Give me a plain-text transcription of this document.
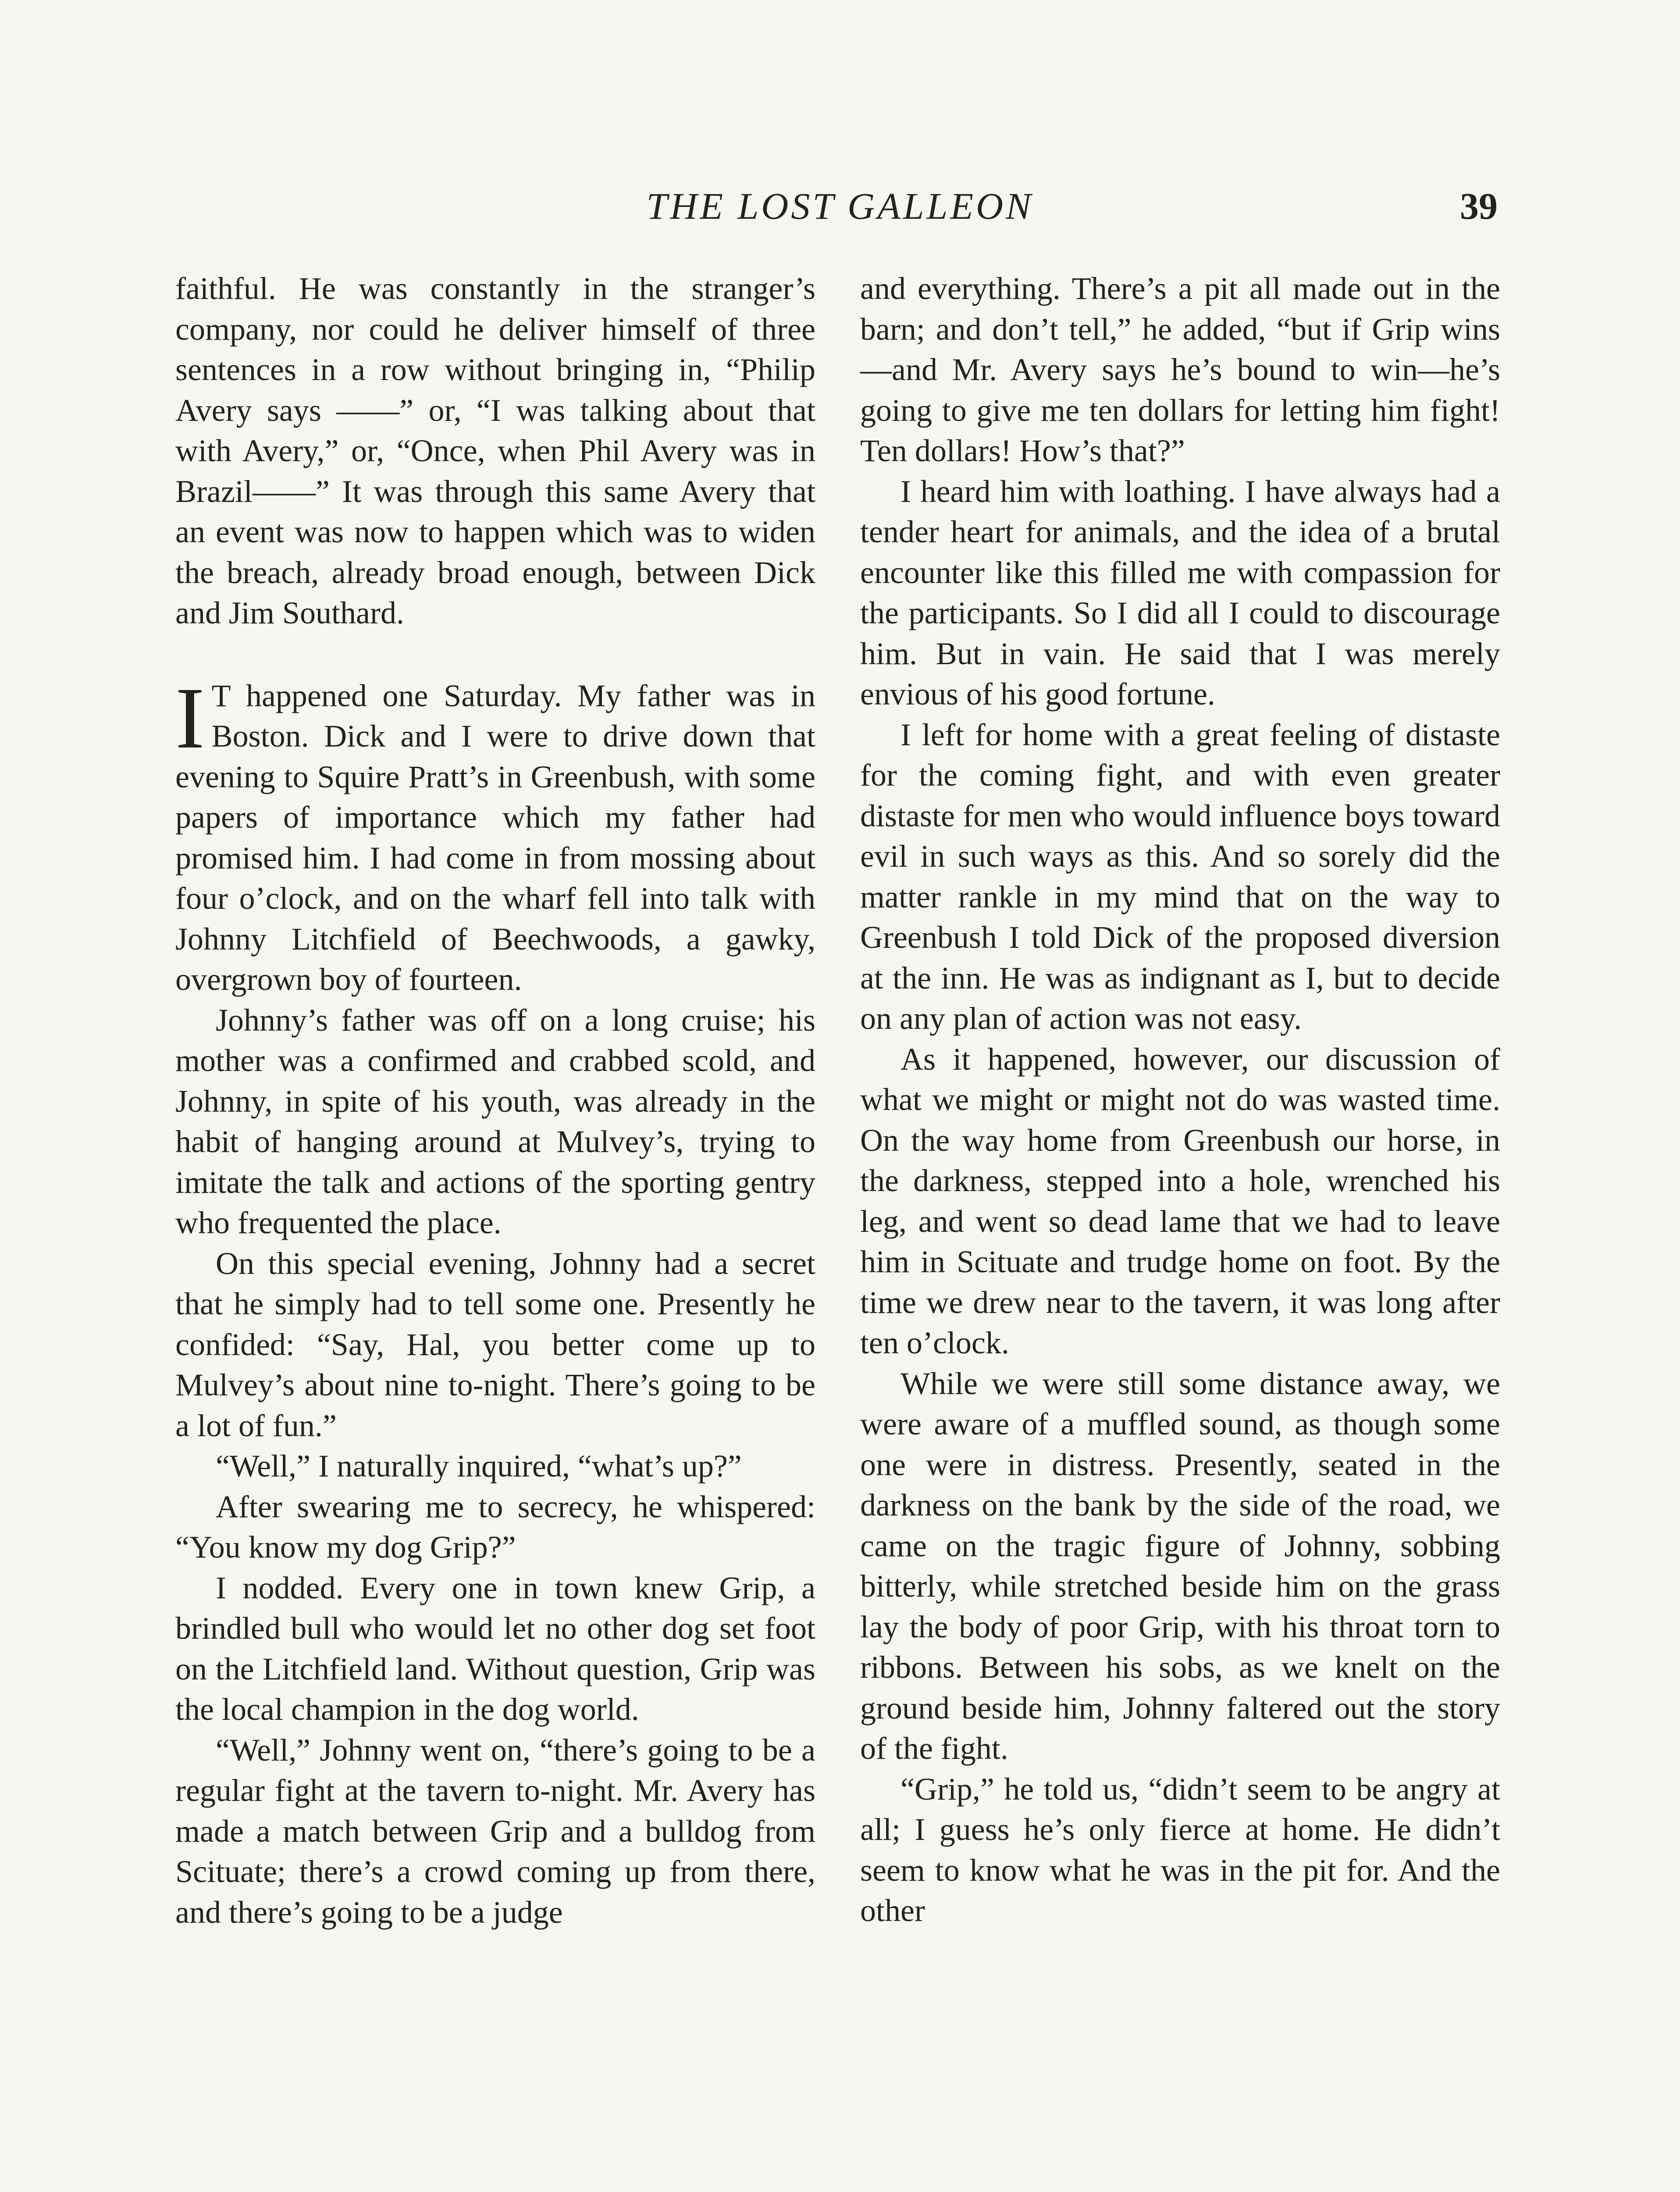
THE LOST GALLEON	39

faithful. He was constantly in the stranger’s company, nor could he deliver himself of three sentences in a row without bringing in, “Philip Avery says ——” or, “I was talking about that with Avery,” or, “Once, when Phil Avery was in Brazil——” It was through this same Avery that an event was now to happen which was to widen the breach, already broad enough, between Dick and Jim Southard.

I T happened one Saturday. My father was in Boston. Dick and I were to drive down that evening to Squire Pratt’s in Greenbush, with some papers of importance which my father had promised him. I had come in from mossing about four o’clock, and on the wharf fell into talk with Johnny Litchfield of Beechwoods, a gawky, overgrown boy of fourteen.

Johnny’s father was off on a long cruise; his mother was a confirmed and crabbed scold, and Johnny, in spite of his youth, was already in the habit of hanging around at Mulvey’s, trying to imitate the talk and actions of the sporting gentry who frequented the place.

On this special evening, Johnny had a secret that he simply had to tell some one. Presently he confided: “Say, Hal, you better come up to Mulvey’s about nine to-night. There’s going to be a lot of fun.”

“Well,” I naturally inquired, “what’s up?”

After swearing me to secrecy, he whispered: “You know my dog Grip?”

I nodded. Every one in town knew Grip, a brindled bull who would let no other dog set foot on the Litchfield land. Without question, Grip was the local champion in the dog world.

“Well,” Johnny went on, “there’s going to be a regular fight at the tavern to-night. Mr. Avery has made a match between Grip and a bulldog from Scituate; there’s a crowd coming up from there, and there’s going to be a judge

and everything. There’s a pit all made out in the barn; and don’t tell,” he added, “but if Grip wins—and Mr. Avery says he’s bound to win—he’s going to give me ten dollars for letting him fight! Ten dollars! How’s that?”

I heard him with loathing. I have always had a tender heart for animals, and the idea of a brutal encounter like this filled me with compassion for the participants. So I did all I could to discourage him. But in vain. He said that I was merely envious of his good fortune.

I left for home with a great feeling of distaste for the coming fight, and with even greater distaste for men who would influence boys toward evil in such ways as this. And so sorely did the matter rankle in my mind that on the way to Greenbush I told Dick of the proposed diversion at the inn. He was as indignant as I, but to decide on any plan of action was not easy.

As it happened, however, our discussion of what we might or might not do was wasted time. On the way home from Greenbush our horse, in the darkness, stepped into a hole, wrenched his leg, and went so dead lame that we had to leave him in Scituate and trudge home on foot. By the time we drew near to the tavern, it was long after ten o’clock.

While we were still some distance away, we were aware of a muffled sound, as though some one were in distress. Presently, seated in the darkness on the bank by the side of the road, we came on the tragic figure of Johnny, sobbing bitterly, while stretched beside him on the grass lay the body of poor Grip, with his throat torn to ribbons. Between his sobs, as we knelt on the ground beside him, Johnny faltered out the story of the fight.

“Grip,” he told us, “didn’t seem to be angry at all; I guess he’s only fierce at home. He didn’t seem to know what he was in the pit for. And the other
